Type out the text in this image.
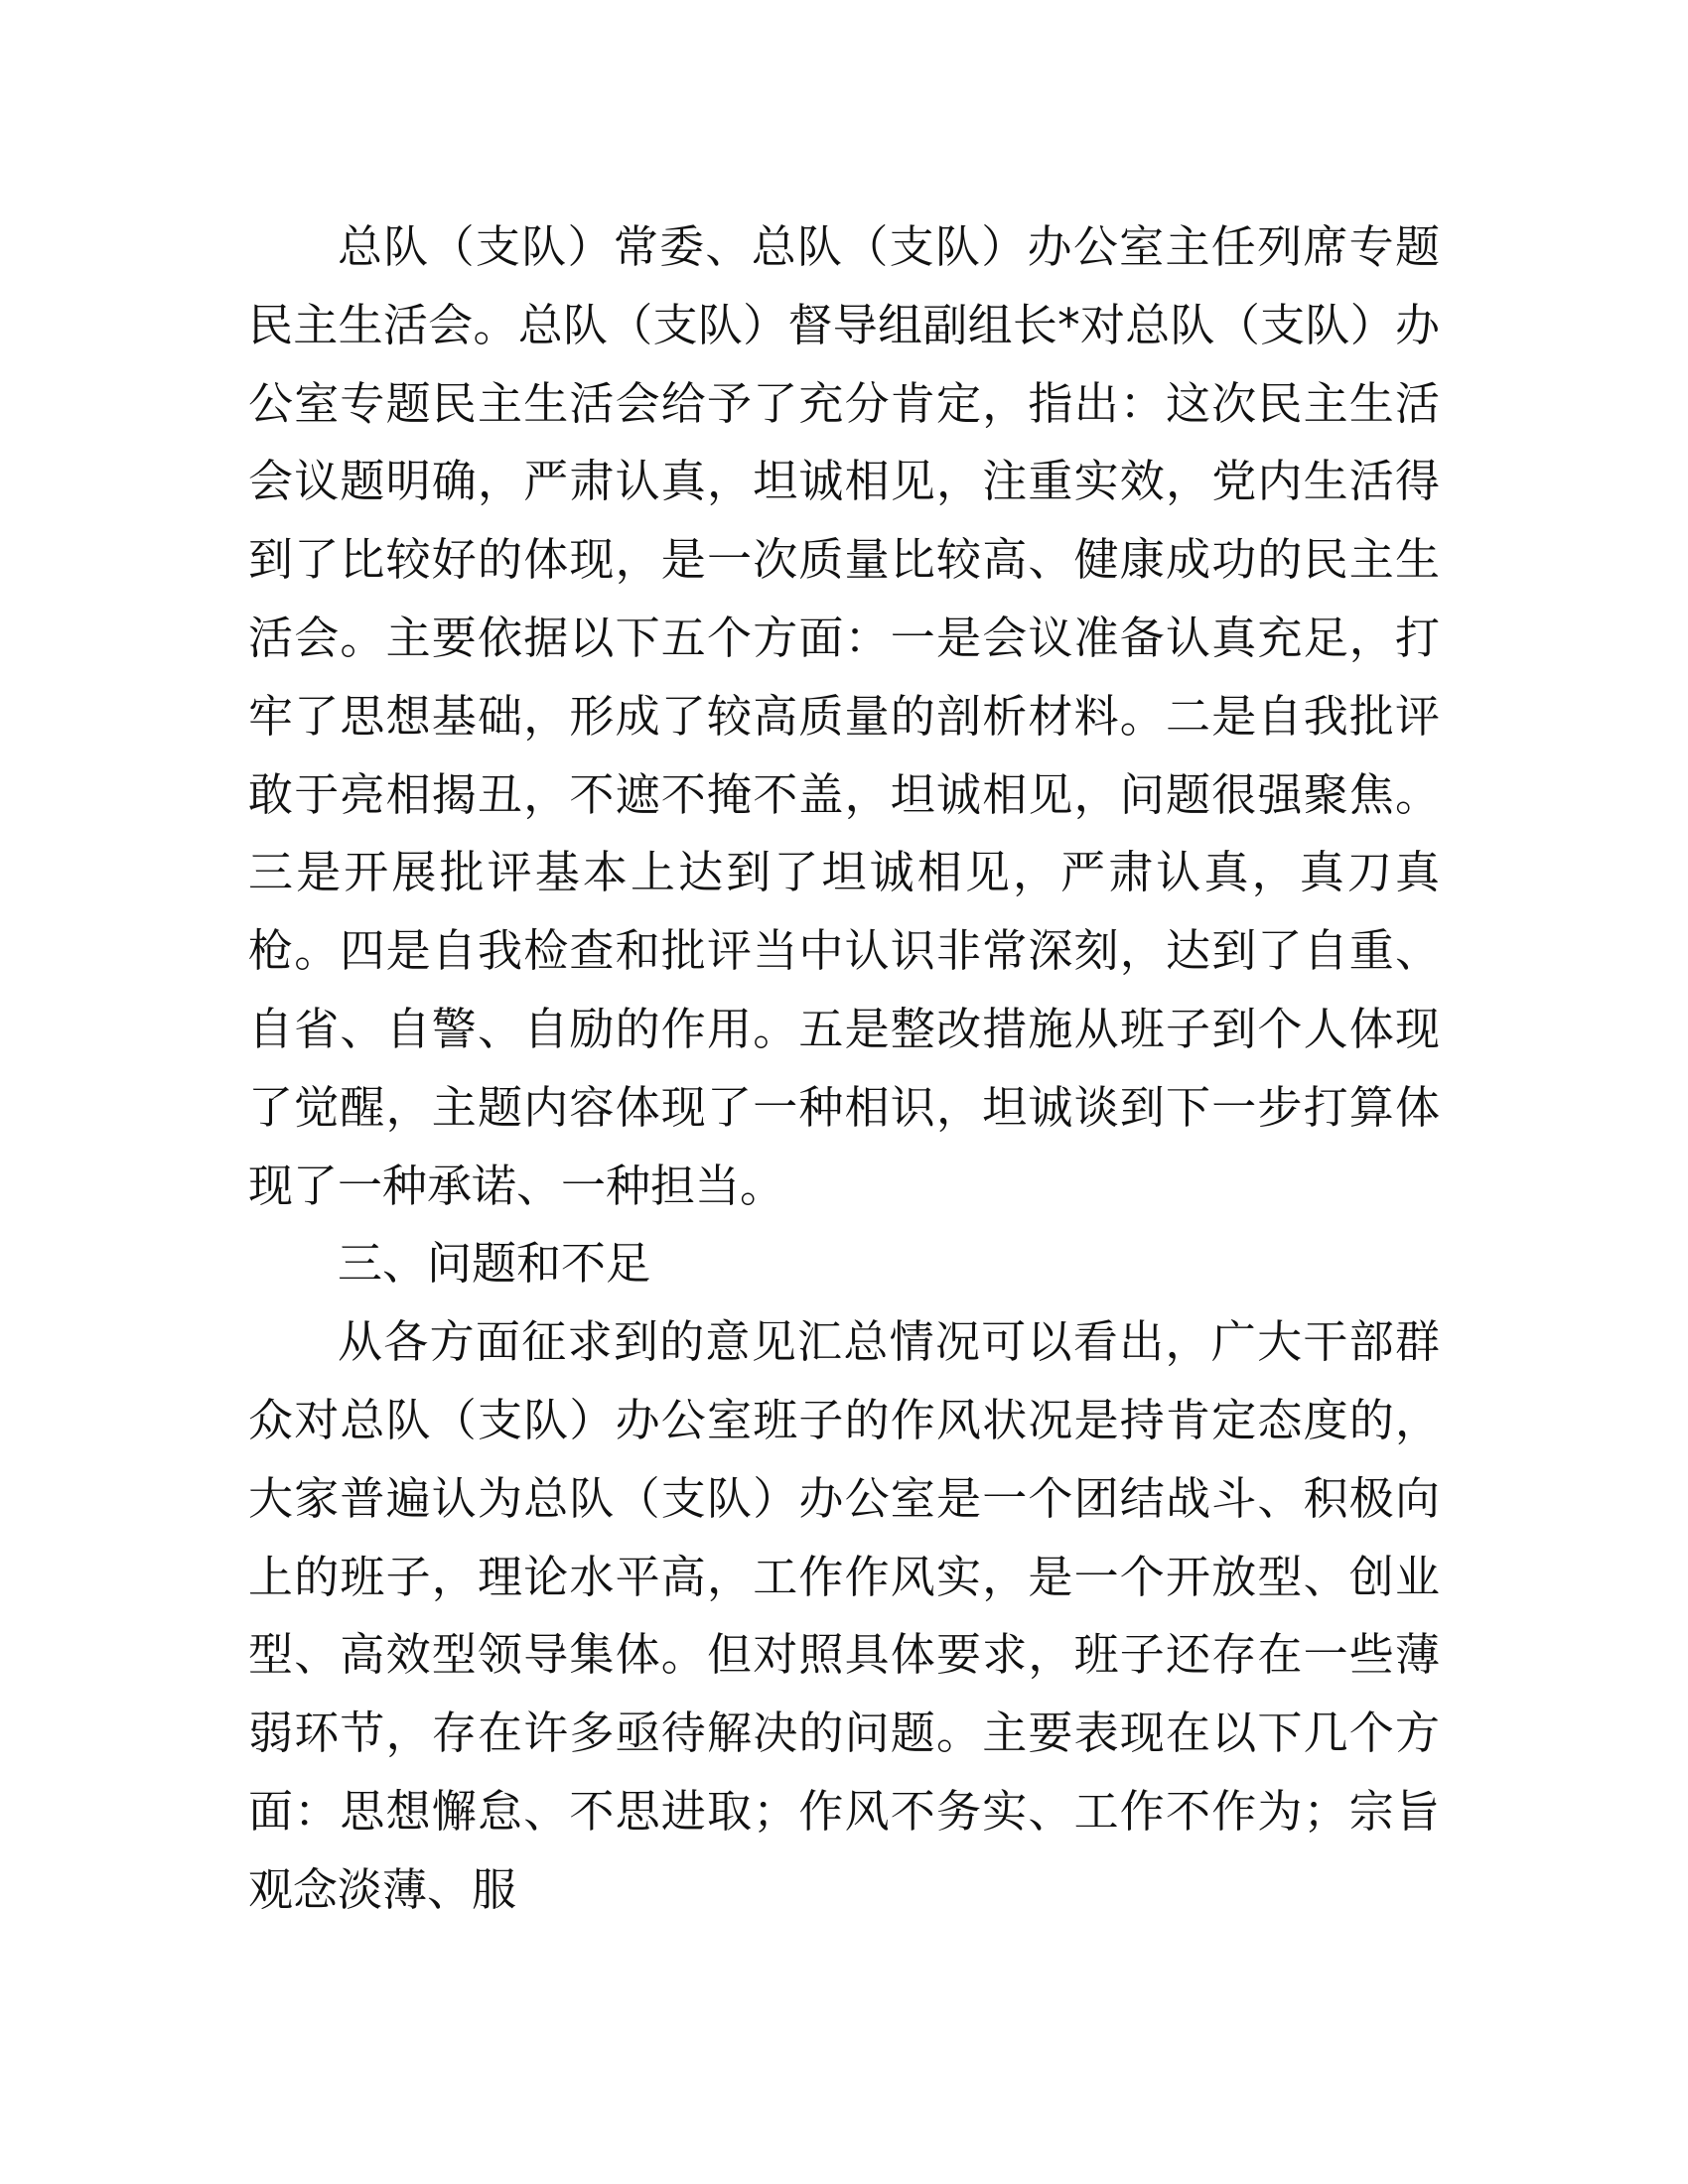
总队（支队）常委、总队（支队）办公室主任列席专题民主生活会。总队（支队）督导组副组长*对总队（支队）办公室专题民主生活会给予了充分肯定，指出：这次民主生活会议题明确，严肃认真，坦诚相见，注重实效，党内生活得到了比较好的体现，是一次质量比较高、健康成功的民主生活会。主要依据以下五个方面：一是会议准备认真充足，打牢了思想基础，形成了较高质量的剖析材料。二是自我批评敢于亮相揭丑，不遮不掩不盖，坦诚相见，问题很强聚焦。三是开展批评基本上达到了坦诚相见，严肃认真，真刀真枪。四是自我检查和批评当中认识非常深刻，达到了自重、自省、自警、自励的作用。五是整改措施从班子到个人体现了觉醒，主题内容体现了一种相识，坦诚谈到下一步打算体现了一种承诺、一种担当。

三、问题和不足

从各方面征求到的意见汇总情况可以看出，广大干部群众对总队（支队）办公室班子的作风状况是持肯定态度的，大家普遍认为总队（支队）办公室是一个团结战斗、积极向上的班子，理论水平高，工作作风实，是一个开放型、创业型、高效型领导集体。但对照具体要求，班子还存在一些薄弱环节，存在许多亟待解决的问题。主要表现在以下几个方面：思想懈怠、不思进取；作风不务实、工作不作为；宗旨观念淡薄、服
